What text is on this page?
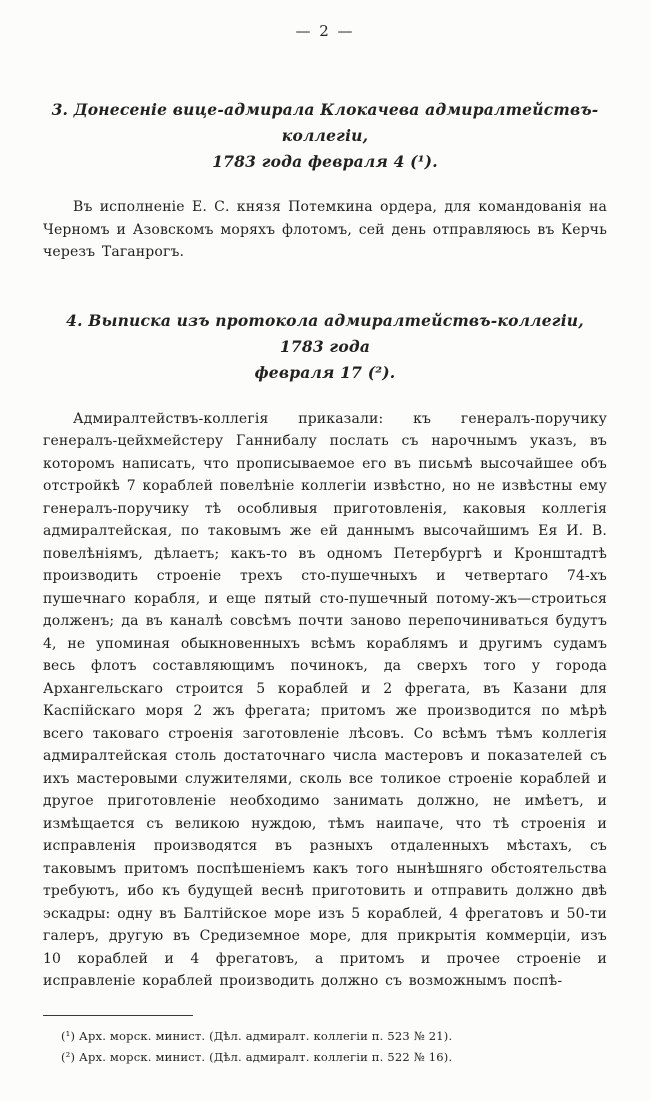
— 2 —
3. Донесеніе вице-адмирала Клокачева адмиралтействъ-коллегіи,
1783 года февраля 4 (¹).

Въ исполненіе Е. С. князя Потемкина ордера, для командованія на Черномъ и Азовскомъ моряхъ флотомъ, сей день отправляюсь въ Керчь черезъ Таганрогъ.

4. Выписка изъ протокола адмиралтействъ-коллегіи, 1783 года
февраля 17 (²).

Адмиралтействъ-коллегія приказали: къ генералъ-поручику генералъ-цейхмейстеру Ганнибалу послать съ нарочнымъ указъ, въ которомъ написать, что прописываемое его въ письмѣ высочайшее объ отстройкѣ 7 кораблей повелѣніе коллегіи извѣстно, но не извѣстны ему генералъ-поручику тѣ особливыя приготовленія, каковыя коллегія адмиралтейская, по таковымъ же ей даннымъ высочайшимъ Ея И. В. повелѣніямъ, дѣлаетъ; какъ-то въ одномъ Петербургѣ и Кронштадтѣ производить строеніе трехъ сто-пушечныхъ и четвертаго 74-хъ пушечнаго корабля, и еще пятый сто-пушечный потому-жъ—строиться долженъ; да въ каналѣ совсѣмъ почти заново перепочиниваться будутъ 4, не упоминая обыкновенныхъ всѣмъ кораблямъ и другимъ судамъ весь флотъ составляющимъ починокъ, да сверхъ того у города Архангельскаго строится 5 кораблей и 2 фрегата, въ Казани для Каспійскаго моря 2 жъ фрегата; притомъ же производится по мѣрѣ всего таковаго строенія заготовленіе лѣсовъ. Со всѣмъ тѣмъ коллегія адмиралтейская столь достаточнаго числа мастеровъ и показателей съ ихъ мастеровыми служителями, сколь все толикое строеніе кораблей и другое приготовленіе необходимо занимать должно, не имѣетъ, и измѣщается съ великою нуждою, тѣмъ наипаче, что тѣ строенія и исправленія производятся въ разныхъ отдаленныхъ мѣстахъ, съ таковымъ притомъ поспѣшеніемъ какъ того нынѣшняго обстоятельства требуютъ, ибо къ будущей веснѣ приготовить и отправить должно двѣ эскадры: одну въ Балтійское море изъ 5 кораблей, 4 фрегатовъ и 50-ти галеръ, другую въ Средиземное море, для прикрытія коммерціи, изъ 10 кораблей и 4 фрегатовъ, а притомъ и прочее строеніе и исправленіе кораблей производить должно съ возможнымъ поспѣ-

(¹) Арх. морск. минист. (Дѣл. адмиралт. коллегіи п. 523 № 21).

(²) Арх. морск. минист. (Дѣл. адмиралт. коллегіи п. 522 № 16).
